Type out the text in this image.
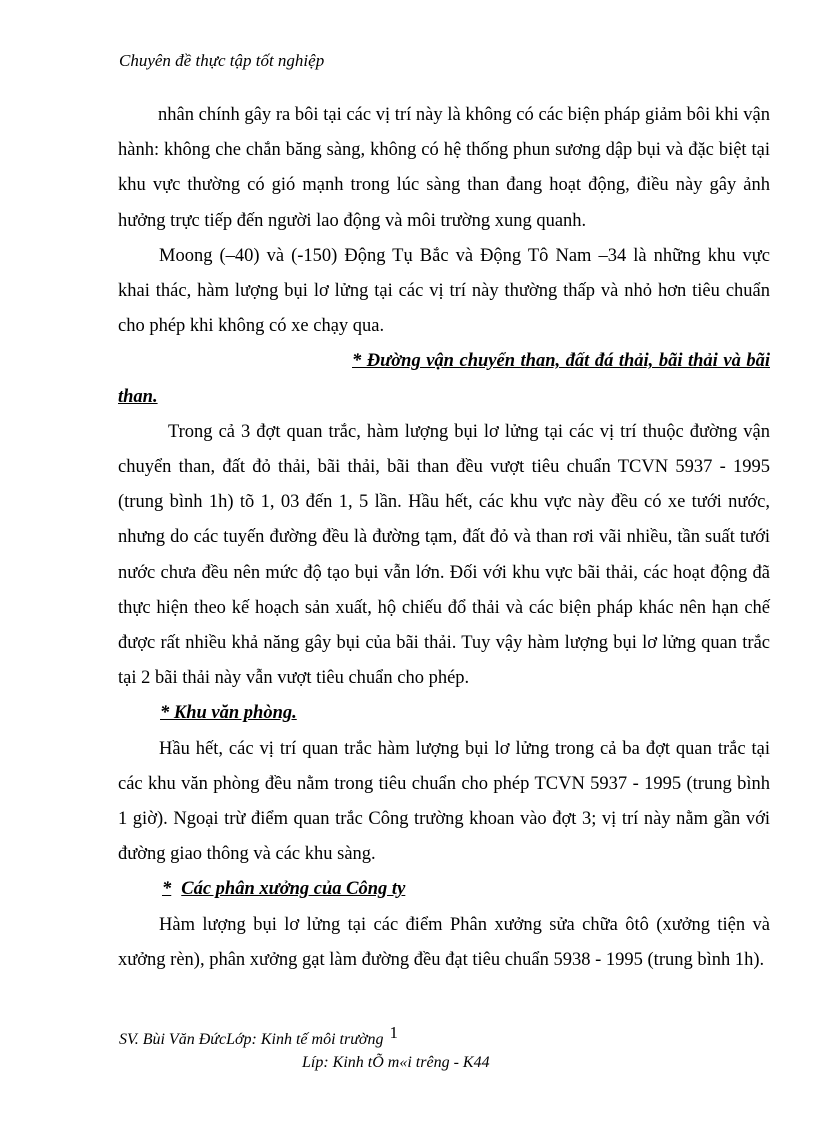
Chuyên đề thực tập tốt nghiệp

nhân chính gây ra bôi tại các vị trí này là không có các biện pháp giảm bôi khi vận hành: không che chắn băng sàng, không có hệ thống phun sương dập bụi và đặc biệt tại khu vực thường có gió mạnh trong lúc sàng than đang hoạt động, điều này gây ảnh hưởng trực tiếp đến người lao động và môi trường xung quanh.

Moong (–40) và (-150) Động Tụ Bắc và Động Tô Nam –34 là những khu vực khai thác, hàm lượng bụi lơ lửng tại các vị trí này thường thấp và nhỏ hơn tiêu chuẩn cho phép khi không có xe chạy qua.

* Đường vận chuyển than, đất đá thải, bãi thải và bãi than.

Trong cả 3 đợt quan trắc, hàm lượng bụi lơ lửng tại các vị trí thuộc đường vận chuyển than, đất đỏ thải, bãi thải, bãi than đều vượt tiêu chuẩn TCVN 5937 - 1995 (trung bình 1h) tõ 1, 03 đến 1, 5 lần. Hầu hết, các khu vực này đều có xe tưới nước, nhưng do các tuyến đường đều là đường tạm, đất đỏ và than rơi vãi nhiều, tần suất tưới nước chưa đều nên mức độ tạo bụi vẫn lớn. Đối với khu vực bãi thải, các hoạt động đã thực hiện theo kế hoạch sản xuất, hộ chiếu đổ thải và các biện pháp khác nên hạn chế được rất nhiều khả năng gây bụi của bãi thải. Tuy vậy hàm lượng bụi lơ lửng quan trắc tại 2 bãi thải này vẫn vượt tiêu chuẩn cho phép.

* Khu văn phòng.

Hầu hết, các vị trí quan trắc hàm lượng bụi lơ lửng trong cả ba đợt quan trắc tại các khu văn phòng đều nằm trong tiêu chuẩn cho phép TCVN 5937 - 1995 (trung bình 1 giờ). Ngoại trừ điểm quan trắc Công trường khoan vào đợt 3; vị trí này nằm gần với đường giao thông và các khu sàng.

* Các phân xưởng của Công ty

Hàm lượng bụi lơ lửng tại các điểm Phân xưởng sửa chữa ôtô (xưởng tiện và xưởng rèn), phân xưởng gạt làm đường đều đạt tiêu chuẩn 5938 - 1995 (trung bình 1h).

SV. Bùi Văn ĐứcLớp: Kinh tế môi trường 1
Líp: Kinh tÕ m«i trêng - K44
